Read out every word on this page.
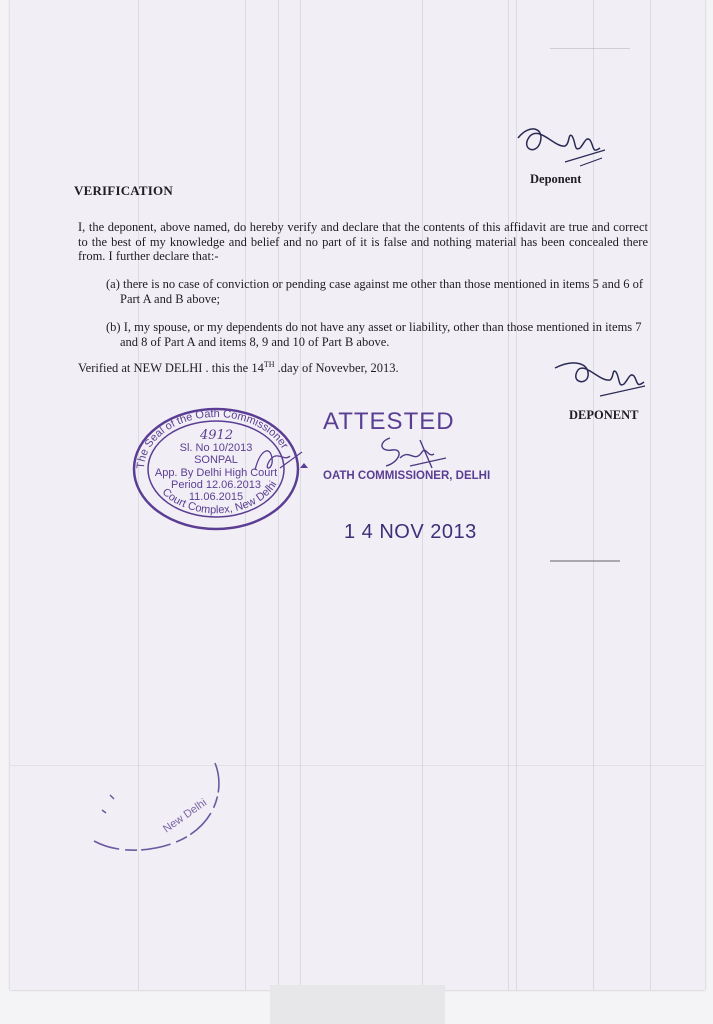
Deponent
VERIFICATION
I, the deponent, above named, do hereby verify and declare that the contents of this affidavit are true and correct to the best of my knowledge and belief and no part of it is false and nothing material has been concealed there from. I further declare that:-
(a) there is no case of conviction or pending case against me other than those mentioned in items 5 and 6 of

Part A and B above;
(b) I, my spouse, or my dependents do not have any asset or liability, other than those mentioned in items 7

and 8 of Part A and items 8, 9 and 10 of Part B above.
Verified at NEW DELHI . this the 14TH .day of Novevber, 2013.
DEPONENT
The Seal of the Oath Commissioner
Court Complex, New Delhi
4912
Sl. No 10/2013
SONPAL
App. By Delhi High Court
Period 12.06.2013
11.06.2015
ATTESTED
OATH COMMISSIONER, DELHI
1 4 NOV 2013
New Delhi
